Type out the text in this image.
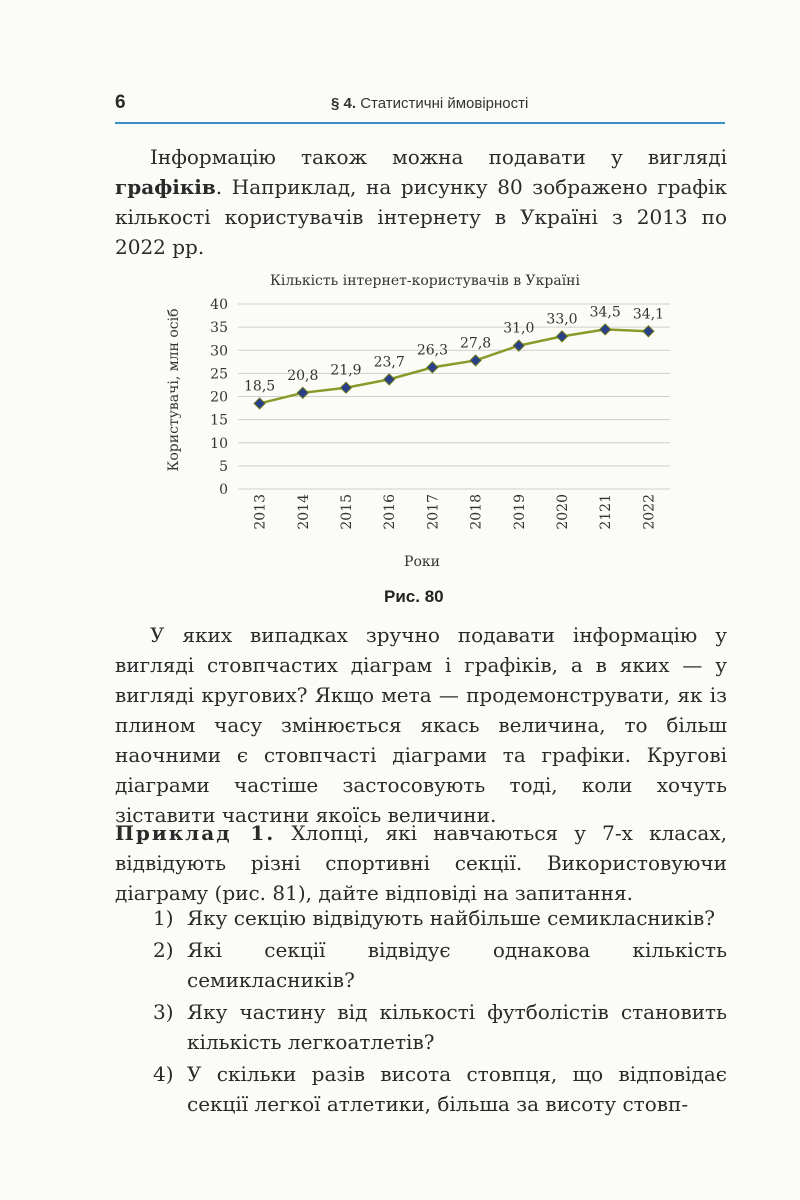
6	§ 4. Статистичні ймовірності

Інформацію також можна подавати у вигляді графіків. Наприклад, на рисунку 80 зображено графік кількості користувачів інтернету в Україні з 2013 по 2022 рр.

Кількість інтернет-користувачів в Україні
0
5
10
15
20
25
30
35
40
2013 2014 2015 2016 2017 2018 2019 2020 2121 2022
18,5
20,8 21,9
23,7
26,3 27,8
31,0
33,0 34,5 34,1
Роки
Користувачі, млн осіб
Рис. 80

У яких випадках зручно подавати інформацію у вигляді стовпчастих діаграм і графіків, а в яких — у вигляді кругових? Якщо мета — продемонструвати, як із плином часу змінюється якась величина, то більш наочними є стовпчасті діаграми та графіки. Кругові діаграми частіше застосовують тоді, коли хочуть зіставити частини якоїсь величини.

Приклад 1. Хлопці, які навчаються у 7-х класах, відвідують різні спортивні секції. Використовуючи діаграму (рис. 81), дайте відповіді на запитання.

1) Яку секцію відвідують найбільше семикласників?
2) Які секції відвідує однакова кількість семикласників?
3) Яку частину від кількості футболістів становить кількість легкоатлетів?
4) У скільки разів висота стовпця, що відповідає секції легкої атлетики, більша за висоту стовп-
